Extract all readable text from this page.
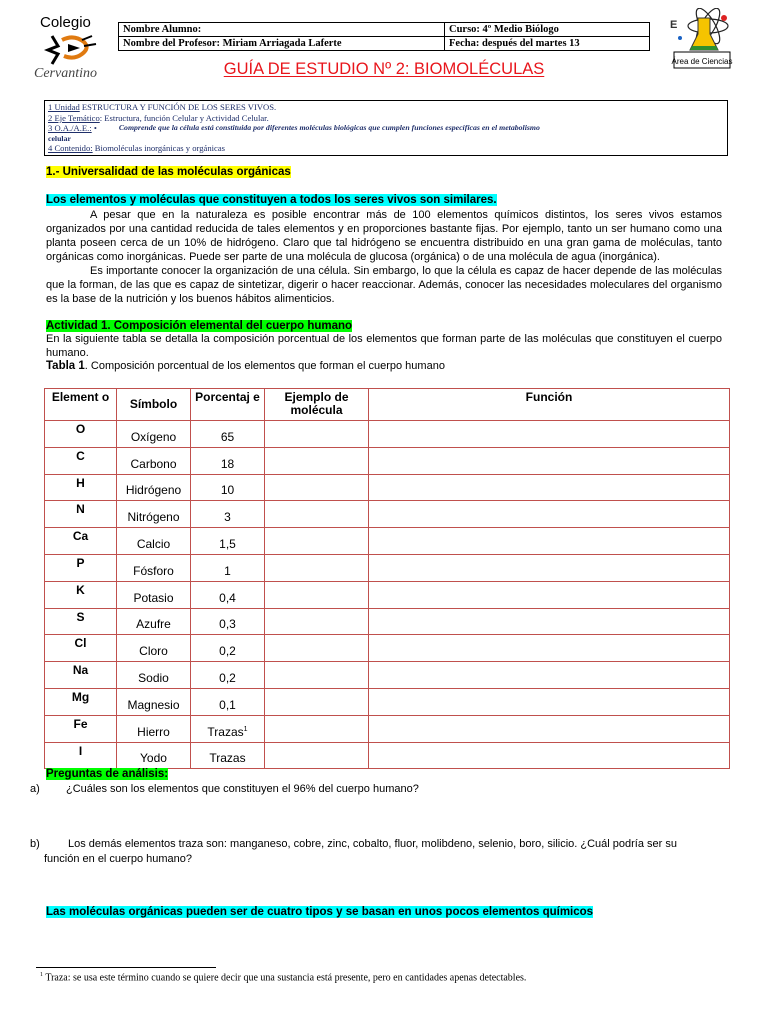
Colegio
Cervantino
Nombre Alumno:	Curso: 4º Medio Biólogo
Nombre del Profesor: Miriam Arriagada Laferte	Fecha: después del martes 13
E
Área de Ciencias
GUÍA DE ESTUDIO Nº 2: BIOMOLÉCULAS
1 Unidad ESTRUCTURA Y FUNCIÓN DE LOS SERES VIVOS.
2 Eje Temático: Estructura, función Celular y Actividad Celular.
3 O.A./A.E.: •	Comprende que la célula está constituida por diferentes moléculas biológicas que cumplen funciones específicas en el metabolismo
celular
4 Contenido: Biomoléculas inorgánicas y orgánicas
1.- Universalidad de las moléculas orgánicas
Los elementos y moléculas que constituyen a todos los seres vivos son similares.
A pesar que en la naturaleza es posible encontrar más de 100 elementos químicos distintos, los seres vivos estamos organizados por una cantidad reducida de tales elementos y en proporciones bastante fijas. Por ejemplo, tanto un ser humano como una planta poseen cerca de un 10% de hidrógeno. Claro que tal hidrógeno se encuentra distribuido en una gran gama de moléculas, tanto orgánicas como inorgánicas. Puede ser parte de una molécula de glucosa (orgánica) o de una molécula de agua (inorgánica).
Es importante conocer la organización de una célula. Sin embargo, lo que la célula es capaz de hacer depende de las moléculas que la forman, de las que es capaz de sintetizar, digerir o hacer reaccionar. Además, conocer las necesidades moleculares del organismo es la base de la nutrición y los buenos hábitos alimenticios.
Actividad 1. Composición elemental del cuerpo humano
En la siguiente tabla se detalla la composición porcentual de los elementos que forman parte de las moléculas que constituyen el cuerpo humano.
Tabla 1. Composición porcentual de los elementos que forman el cuerpo humano
Element o	Símbolo	Porcentaj e	Ejemplo de molécula	Función
O	Oxígeno	65		
C	Carbono	18		
H	Hidrógeno	10		
N	Nitrógeno	3		
Ca	Calcio	1,5		
P	Fósforo	1		
K	Potasio	0,4		
S	Azufre	0,3		
Cl	Cloro	0,2		
Na	Sodio	0,2		
Mg	Magnesio	0,1		
Fe	Hierro	Trazas$^1$		
I	Yodo	Trazas		
Preguntas de análisis:
a) ¿Cuáles son los elementos que constituyen el 96% del cuerpo humano?
b)	Los demás elementos traza son: manganeso, cobre, zinc, cobalto, fluor, molibdeno, selenio, boro, silicio. ¿Cuál podría ser su
función en el cuerpo humano?
Las moléculas orgánicas pueden ser de cuatro tipos y se basan en unos pocos elementos químicos
$^1$ Traza: se usa este término cuando se quiere decir que una sustancia está presente, pero en cantidades apenas detectables.
